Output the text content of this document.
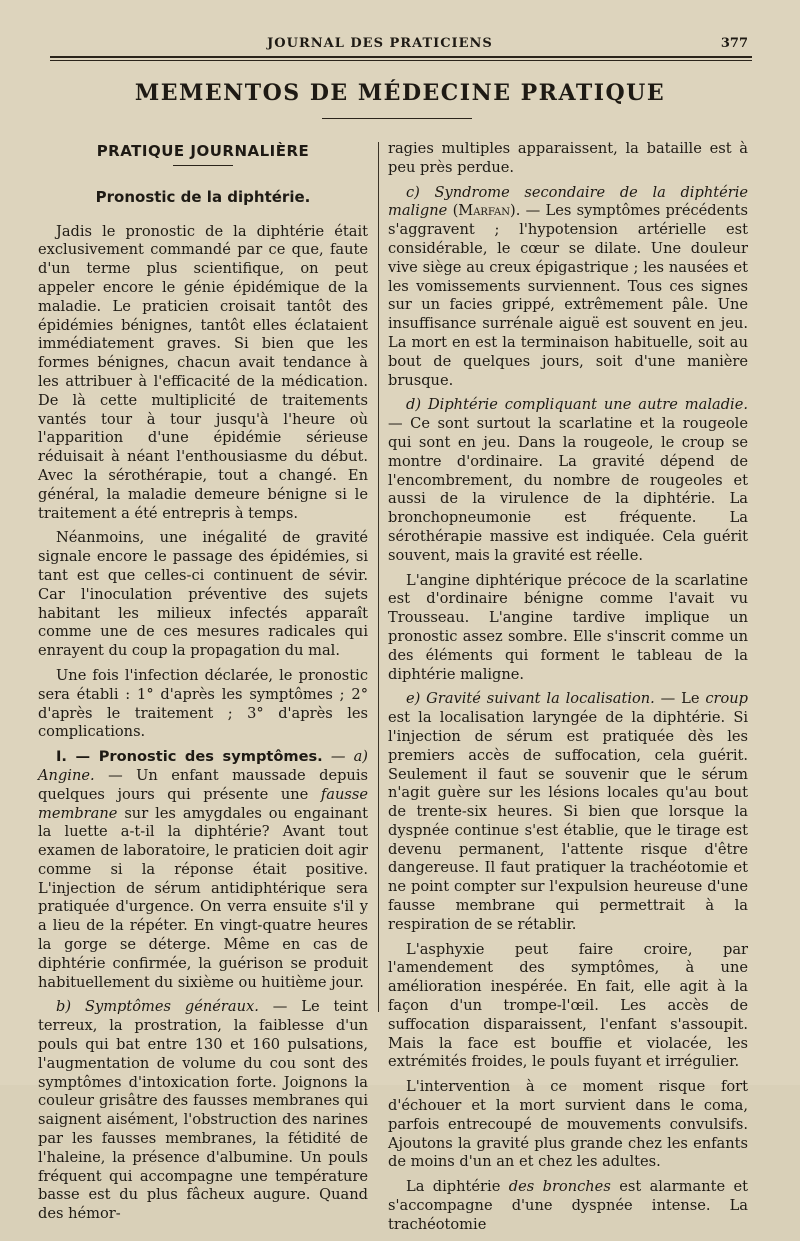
JOURNAL DES PRATICIENS	377
MEMENTOS DE MÉDECINE PRATIQUE
PRATIQUE JOURNALIÈRE
Pronostic de la diphtérie.

Jadis le pronostic de la diphtérie était exclusivement commandé par ce que, faute d'un terme plus scientifique, on peut appeler encore le génie épidémique de la maladie. Le praticien croisait tantôt des épidémies bénignes, tantôt elles éclataient immédiatement graves. Si bien que les formes bénignes, chacun avait tendance à les attribuer à l'efficacité de la médication. De là cette multiplicité de traitements vantés tour à tour jusqu'à l'heure où l'apparition d'une épidémie sérieuse réduisait à néant l'enthousiasme du début. Avec la sérothérapie, tout a changé. En général, la maladie demeure bénigne si le traitement a été entrepris à temps.

Néanmoins, une inégalité de gravité signale encore le passage des épidémies, si tant est que celles-ci continuent de sévir. Car l'inoculation préventive des sujets habitant les milieux infectés apparaît comme une de ces mesures radicales qui enrayent du coup la propagation du mal.

Une fois l'infection déclarée, le pronostic sera établi : 1° d'après les symptômes ; 2° d'après le traitement ; 3° d'après les complications.

I. — Pronostic des symptômes. — a) Angine. — Un enfant maussade depuis quelques jours qui présente une fausse membrane sur les amygdales ou engainant la luette a-t-il la diphtérie? Avant tout examen de laboratoire, le praticien doit agir comme si la réponse était positive. L'injection de sérum antidiphtérique sera pratiquée d'urgence. On verra ensuite s'il y a lieu de la répéter. En vingt-quatre heures la gorge se déterge. Même en cas de diphtérie confirmée, la guérison se produit habituellement du sixième ou huitième jour.

b) Symptômes généraux. — Le teint terreux, la prostration, la faiblesse d'un pouls qui bat entre 130 et 160 pulsations, l'augmentation de volume du cou sont des symptômes d'intoxication forte. Joignons la couleur grisâtre des fausses membranes qui saignent aisément, l'obstruction des narines par les fausses membranes, la fétidité de l'haleine, la présence d'albumine. Un pouls fréquent qui accompagne une température basse est du plus fâcheux augure. Quand des hémor-

ragies multiples apparaissent, la bataille est à peu près perdue.

c) Syndrome secondaire de la diphtérie maligne (Marfan). — Les symptômes précédents s'aggravent ; l'hypotension artérielle est considérable, le cœur se dilate. Une douleur vive siège au creux épigastrique ; les nausées et les vomissements surviennent. Tous ces signes sur un facies grippé, extrêmement pâle. Une insuffisance surrénale aiguë est souvent en jeu. La mort en est la terminaison habituelle, soit au bout de quelques jours, soit d'une manière brusque.

d) Diphtérie compliquant une autre maladie. — Ce sont surtout la scarlatine et la rougeole qui sont en jeu. Dans la rougeole, le croup se montre d'ordinaire. La gravité dépend de l'encombrement, du nombre de rougeoles et aussi de la virulence de la diphtérie. La bronchopneumonie est fréquente. La sérothérapie massive est indiquée. Cela guérit souvent, mais la gravité est réelle.

L'angine diphtérique précoce de la scarlatine est d'ordinaire bénigne comme l'avait vu Trousseau. L'angine tardive implique un pronostic assez sombre. Elle s'inscrit comme un des éléments qui forment le tableau de la diphtérie maligne.

e) Gravité suivant la localisation. — Le croup est la localisation laryngée de la diphtérie. Si l'injection de sérum est pratiquée dès les premiers accès de suffocation, cela guérit. Seulement il faut se souvenir que le sérum n'agit guère sur les lésions locales qu'au bout de trente-six heures. Si bien que lorsque la dyspnée continue s'est établie, que le tirage est devenu permanent, l'attente risque d'être dangereuse. Il faut pratiquer la trachéotomie et ne point compter sur l'expulsion heureuse d'une fausse membrane qui permettrait à la respiration de se rétablir.

L'asphyxie peut faire croire, par l'amendement des symptômes, à une amélioration inespérée. En fait, elle agit à la façon d'un trompe-l'œil. Les accès de suffocation disparaissent, l'enfant s'assoupit. Mais la face est bouffie et violacée, les extrémités froides, le pouls fuyant et irrégulier.

L'intervention à ce moment risque fort d'échouer et la mort survient dans le coma, parfois entrecoupé de mouvements convulsifs. Ajoutons la gravité plus grande chez les enfants de moins d'un an et chez les adultes.

La diphtérie des bronches est alarmante et s'accompagne d'une dyspnée intense. La trachéotomie
